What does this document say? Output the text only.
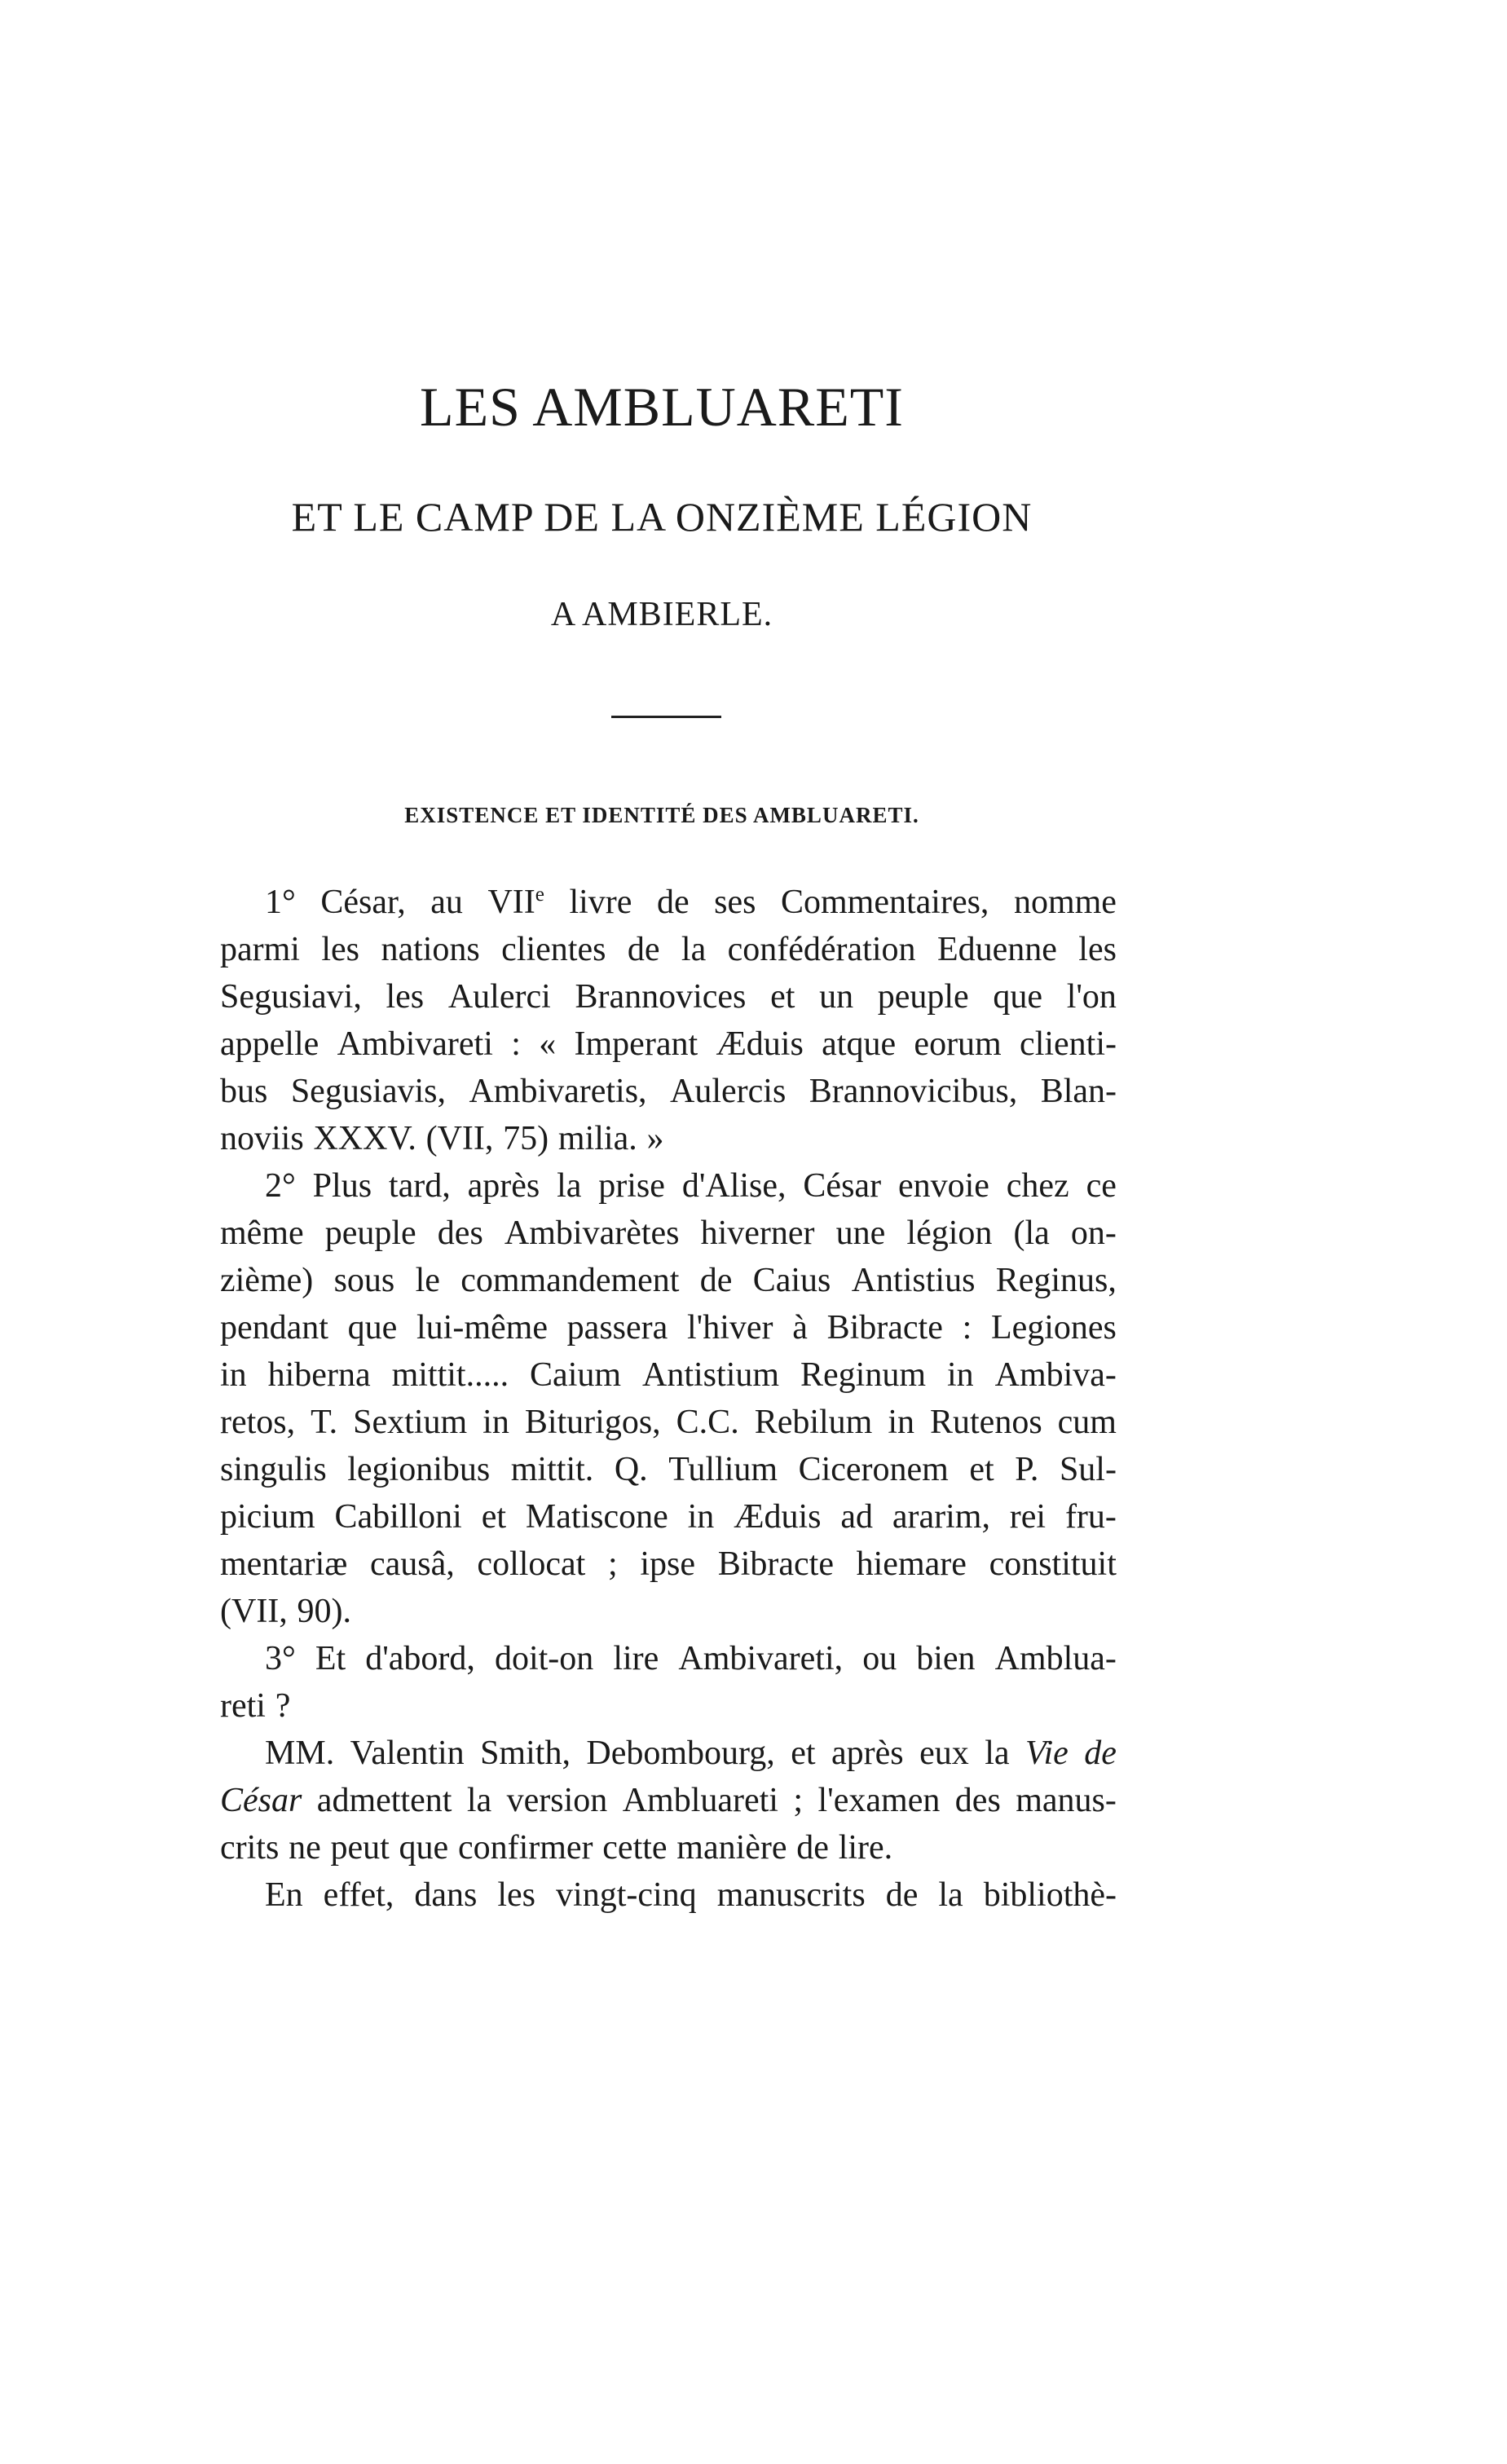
LES AMBLUARETI
ET LE CAMP DE LA ONZIÈME LÉGION
A AMBIERLE.
EXISTENCE ET IDENTITÉ DES AMBLUARETI.
1° César, au VIIe livre de ses Commentaires, nomme
parmi les nations clientes de la confédération Eduenne les
Segusiavi, les Aulerci Brannovices et un peuple que l'on
appelle Ambivareti : « Imperant Æduis atque eorum clienti-
bus Segusiavis, Ambivaretis, Aulercis Brannovicibus, Blan-
noviis XXXV. (VII, 75) milia. »
2° Plus tard, après la prise d'Alise, César envoie chez ce
même peuple des Ambivarètes hiverner une légion (la on-
zième) sous le commandement de Caius Antistius Reginus,
pendant que lui-même passera l'hiver à Bibracte : Legiones
in hiberna mittit..... Caium Antistium Reginum in Ambiva-
retos, T. Sextium in Biturigos, C.C. Rebilum in Rutenos cum
singulis legionibus mittit. Q. Tullium Ciceronem et P. Sul-
picium Cabilloni et Matiscone in Æduis ad ararim, rei fru-
mentariæ causâ, collocat ; ipse Bibracte hiemare constituit
(VII, 90).
3° Et d'abord, doit-on lire Ambivareti, ou bien Amblua-
reti ?
MM. Valentin Smith, Debombourg, et après eux la Vie de
César admettent la version Ambluareti ; l'examen des manus-
crits ne peut que confirmer cette manière de lire.
En effet, dans les vingt-cinq manuscrits de la bibliothè-
